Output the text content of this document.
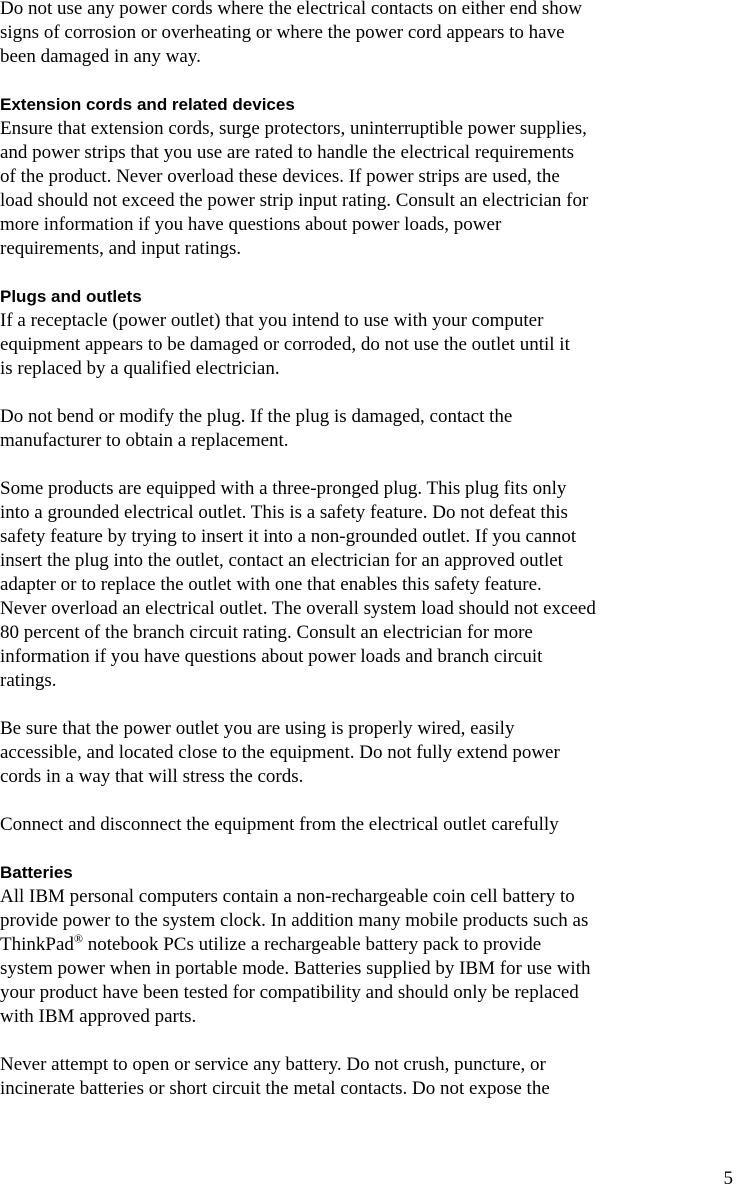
Do not use any power cords where the electrical contacts on either end show
signs of corrosion or overheating or where the power cord appears to have
been damaged in any way.

Extension cords and related devices

Ensure that extension cords, surge protectors, uninterruptible power supplies,
and power strips that you use are rated to handle the electrical requirements
of the product. Never overload these devices. If power strips are used, the
load should not exceed the power strip input rating. Consult an electrician for
more information if you have questions about power loads, power
requirements, and input ratings.

Plugs and outlets

If a receptacle (power outlet) that you intend to use with your computer
equipment appears to be damaged or corroded, do not use the outlet until it
is replaced by a qualified electrician.

Do not bend or modify the plug. If the plug is damaged, contact the
manufacturer to obtain a replacement.

Some products are equipped with a three-pronged plug. This plug fits only
into a grounded electrical outlet. This is a safety feature. Do not defeat this
safety feature by trying to insert it into a non-grounded outlet. If you cannot
insert the plug into the outlet, contact an electrician for an approved outlet
adapter or to replace the outlet with one that enables this safety feature.
Never overload an electrical outlet. The overall system load should not exceed
80 percent of the branch circuit rating. Consult an electrician for more
information if you have questions about power loads and branch circuit
ratings.

Be sure that the power outlet you are using is properly wired, easily
accessible, and located close to the equipment. Do not fully extend power
cords in a way that will stress the cords.

Connect and disconnect the equipment from the electrical outlet carefully

Batteries

All IBM personal computers contain a non-rechargeable coin cell battery to
provide power to the system clock. In addition many mobile products such as
ThinkPad® notebook PCs utilize a rechargeable battery pack to provide
system power when in portable mode. Batteries supplied by IBM for use with
your product have been tested for compatibility and should only be replaced
with IBM approved parts.

Never attempt to open or service any battery. Do not crush, puncture, or
incinerate batteries or short circuit the metal contacts. Do not expose the

5
